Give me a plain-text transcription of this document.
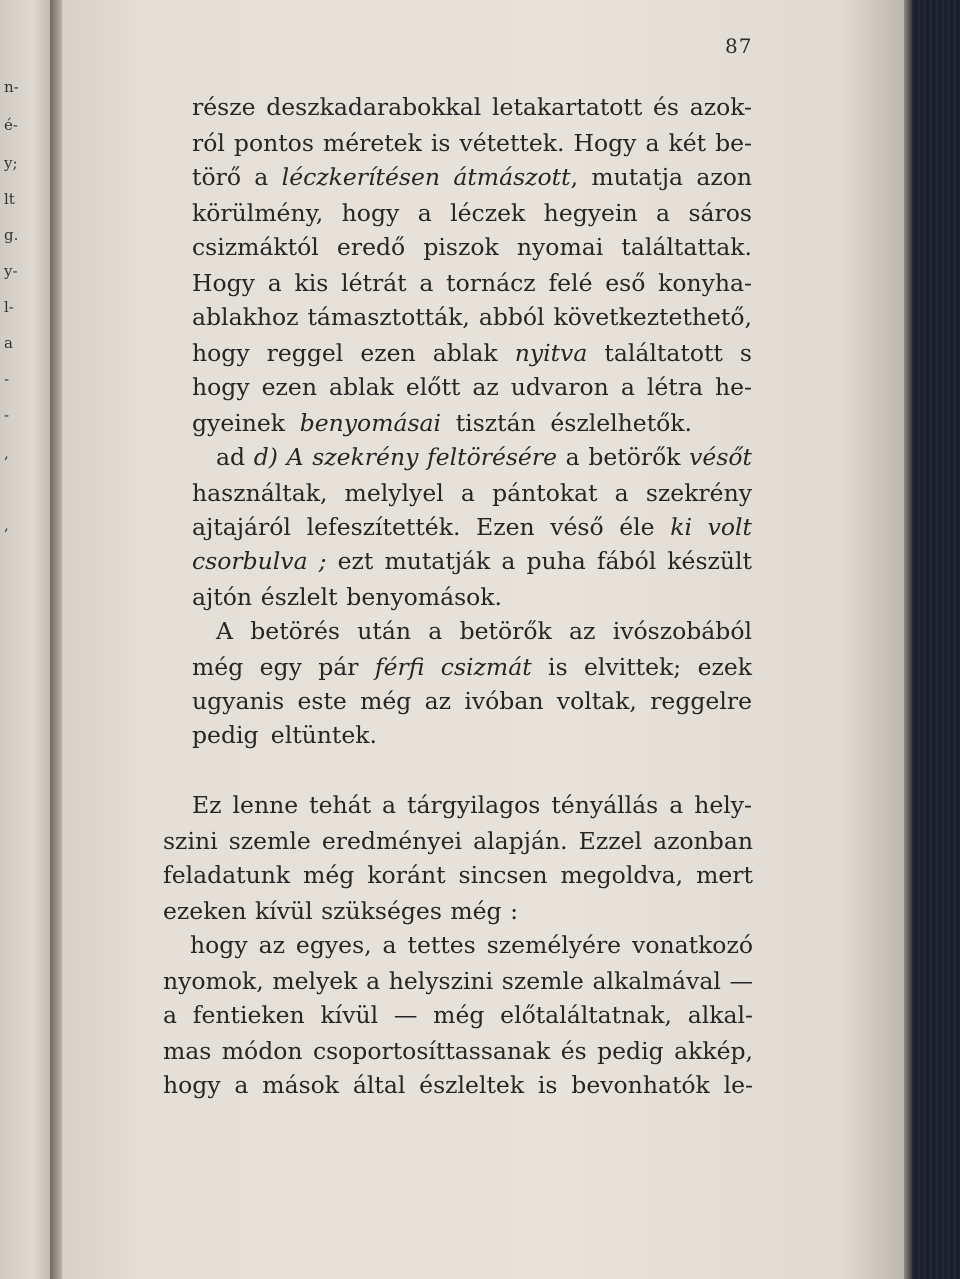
n-
é-
y;
lt
g.
y-
l-
a
-
-
,
,
87
része deszkadarabokkal letakartatott és azok-
ról pontos méretek is vétettek. Hogy a két be-
törő a léczkerítésen átmászott, mutatja azon
körülmény, hogy a léczek hegyein a sáros
csizmáktól eredő piszok nyomai találtattak.
Hogy a kis létrát a tornácz felé eső konyha-
ablakhoz támasztották, abból következtethető,
hogy reggel ezen ablak nyitva találtatott s
hogy ezen ablak előtt az udvaron a létra he-
gyeinek benyomásai tisztán észlelhetők.
ad d) A szekrény feltörésére a betörők vésőt
használtak, melylyel a pántokat a szekrény
ajtajáról lefeszítették. Ezen véső éle ki volt
csorbulva ; ezt mutatják a puha fából készült
ajtón észlelt benyomások.
A betörés után a betörők az ivószobából
még egy pár férfi csizmát is elvittek; ezek
ugyanis este még az ivóban voltak, reggelre
pedig eltüntek.
Ez lenne tehát a tárgyilagos tényállás a hely-
szini szemle eredményei alapján. Ezzel azonban
feladatunk még koránt sincsen megoldva, mert
ezeken kívül szükséges még :
hogy az egyes, a tettes személyére vonatkozó
nyomok, melyek a helyszini szemle alkalmával —
a fentieken kívül — még előtaláltatnak, alkal-
mas módon csoportosíttassanak és pedig akkép,
hogy a mások által észleltek is bevonhatók le-
